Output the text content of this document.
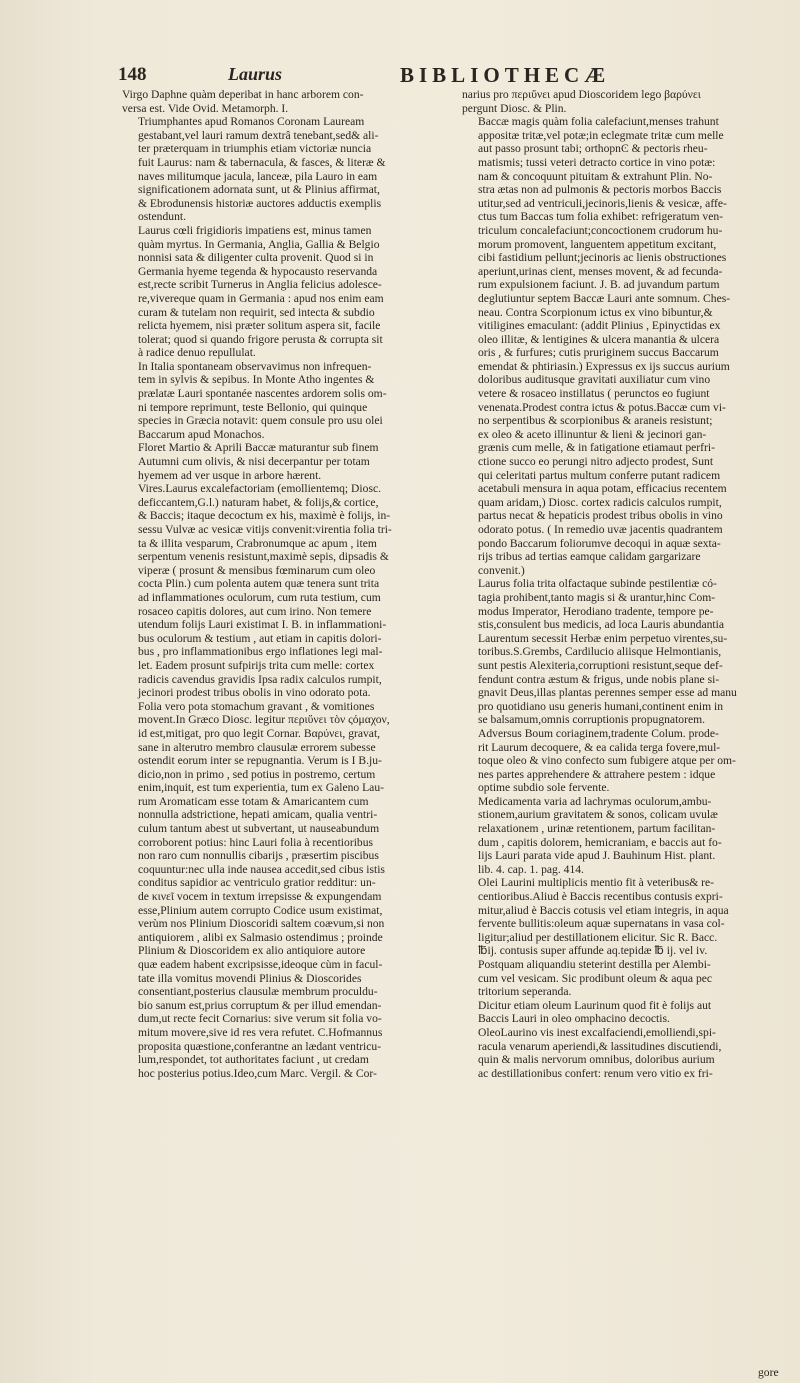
148	Laurus	BIBLIOTHECÆ

Virgo Daphne quàm deperibat in hanc arborem con-
versa est. Vide Ovid. Metamorph. I.

Triumphantes apud Romanos Coronam Lauream
gestabant,vel lauri ramum dextrâ tenebant,sed& ali-
ter præterquam in triumphis etiam victoriæ nuncia
fuit Laurus: nam & tabernacula, & fasces, & literæ &
naves militumque jacula, lanceæ, pila Lauro in eam
significationem adornata sunt, ut & Plinius affirmat,
& Ebrodunensis historiæ auctores adductis exemplis
ostendunt.

Laurus cœli frigidioris impatiens est, minus tamen
quàm myrtus. In Germania, Anglia, Gallia & Belgio
nonnisi sata & diligenter culta provenit. Quod si in
Germania hyeme tegenda & hypocausto reservanda
est,recte scribit Turnerus in Anglia felicius adolesce-
re,vivereque quam in Germania : apud nos enim eam
curam & tutelam non requirit, sed intecta & subdio
relicta hyemem, nisi præter solitum aspera sit, facile
tolerat; quod si quando frigore perusta & corrupta sit
à radice denuo repullulat.

In Italia spontaneam observavimus non infrequen-
tem in sylvis & sepibus. In Monte Atho ingentes &
prælatæ Lauri spontanée nascentes ardorem solis om-
ni tempore reprimunt, teste Bellonio, qui quinque
species in Græcia notavit: quem consule pro usu olei
Baccarum apud Monachos.

Floret Martio & Aprili Baccæ maturantur sub finem
Autumni cum olivis, & nisi decerpantur per totam
hyemem ad ver usque in arbore hærent.

Vires.Laurus excalefactoriam (emollientemq; Diosc.
deficcantem,G.l.) naturam habet, & folijs,& cortice,
& Baccis; itaque decoctum ex his, maximè è folijs, in-
sessu Vulvæ ac vesicæ vitijs convenit:virentia folia tri-
ta & illita vesparum, Crabronumque ac apum , item
serpentum venenis resistunt,maximè sepis, dipsadis &
viperæ ( prosunt & mensibus fœminarum cum oleo
cocta Plin.) cum polenta autem quæ tenera sunt trita
ad inflammationes oculorum, cum ruta testium, cum
rosaceo capitis dolores, aut cum irino. Non temere
utendum folijs Lauri existimat I. B. in inflammationi-
bus oculorum & testium , aut etiam in capitis dolori-
bus , pro inflammationibus ergo inflationes legi mal-
let. Eadem prosunt sufpirijs trita cum melle: cortex
radicis cavendus gravidis Ipsa radix calculos rumpit,
jecinori prodest tribus obolis in vino odorato pota.
Folia vero pota stomachum gravant , & vomitiones
movent.In Græco Diosc. legitur περιὕνει τὸν ςόμαχον,
id est,mitigat, pro quo legit Cornar. Βαρύνει, gravat,
sane in alterutro membro clausulæ errorem subesse
ostendit eorum inter se repugnantia. Verum is I B.ju-
dicio,non in primo , sed potius in postremo, certum
enim,inquit, est tum experientia, tum ex Galeno Lau-
rum Aromaticam esse totam & Amaricantem cum
nonnulla adstrictione, hepati amicam, qualia ventri-
culum tantum abest ut subvertant, ut nauseabundum
corroborent potius: hinc Lauri folia à recentioribus
non raro cum nonnullis cibarijs , præsertim piscibus
coquuntur:nec ulla inde nausea accedit,sed cibus istis
conditus sapidior ac ventriculo gratior redditur: un-
de κινεῖ vocem in textum irrepsisse & expungendam
esse,Plinium autem corrupto Codice usum existimat,
verùm nos Plinium Dioscoridi saltem coævum,si non
antiquiorem , alibi ex Salmasio ostendimus ; proinde
Plinium & Dioscoridem ex alio antiquiore autore
quæ eadem habent excripsisse,ideoque cùm in facul-
tate illa vomitus movendi Plinius & Dioscorides
consentiant,posterius clausulæ membrum proculdu-
bio sanum est,prius corruptum & per illud emendan-
dum,ut recte fecit Cornarius: sive verum sit folia vo-
mitum movere,sive id res vera refutet. C.Hofmannus
proposita quæstione,conferantne an lædant ventricu-
lum,respondet, tot authoritates faciunt , ut credam
hoc posterius potius.Ideo,cum Marc. Vergil. & Cor-

narius pro περιὕνει apud Dioscoridem lego βαρύνει
pergunt Diosc. & Plin.

Baccæ magis quàm folia calefaciunt,menses trahunt
appositæ tritæ,vel potæ;in eclegmate tritæ cum melle
aut passo prosunt tabi; orthopnϾ & pectoris rheu-
matismis; tussi veteri detracto cortice in vino potæ:
nam & concoquunt pituitam & extrahunt Plin. No-
stra ætas non ad pulmonis & pectoris morbos Baccis
utitur,sed ad ventriculi,jecinoris,lienis & vesicæ, affe-
ctus tum Baccas tum folia exhibet: refrigeratum ven-
triculum concalefaciunt;concoctionem crudorum hu-
morum promovent, languentem appetitum excitant,
cibi fastidium pellunt;jecinoris ac lienis obstructiones
aperiunt,urinas cient, menses movent, & ad fecunda-
rum expulsionem faciunt. J. B. ad juvandum partum
deglutiuntur septem Baccæ Lauri ante somnum. Ches-
neau. Contra Scorpionum ictus ex vino bibuntur,&
vitiligines emaculant: (addit Plinius , Epinyctidas ex
oleo illitæ, & lentigines & ulcera manantia & ulcera
oris , & furfures; cutis pruriginem succus Baccarum
emendat & phtiriasin.) Expressus ex ijs succus aurium
doloribus auditusque gravitati auxiliatur cum vino
vetere & rosaceo instillatus ( perunctos eo fugiunt
venenata.Prodest contra ictus & potus.Baccæ cum vi-
no serpentibus & scorpionibus & araneis resistunt;
ex oleo & aceto illinuntur & lieni & jecinori gan-
grænis cum melle, & in fatigatione etiamaut perfri-
ctione succo eo perungi nitro adjecto prodest, Sunt
qui celeritati partus multum conferre putant radicem
acetabuli mensura in aqua potam, efficacius recentem
quam aridam,) Diosc. cortex radicis calculos rumpit,
partus necat & hepaticis prodest tribus obolis in vino
odorato potus. ( In remedio uvæ jacentis quadrantem
pondo Baccarum foliorumve decoqui in aquæ sexta-
rijs tribus ad tertias eamque calidam gargarizare
convenit.)

Laurus folia trita olfactaque subinde pestilentiæ có-
tagia prohibent,tanto magis si & urantur,hinc Com-
modus Imperator, Herodiano tradente, tempore pe-
stis,consulent bus medicis, ad loca Lauris abundantia
Laurentum secessit Herbæ enim perpetuo virentes,su-
toribus.S.Grembs, Cardilucio aliisque Helmontianis,
sunt pestis Alexiteria,corruptioni resistunt,seque def-
fendunt contra æstum & frigus, unde nobis plane si-
gnavit Deus,illas plantas perennes semper esse ad manu
pro quotidiano usu generis humani,continent enim in
se balsamum,omnis corruptionis propugnatorem.

Adversus Boum coriaginem,tradente Colum. prode-
rit Laurum decoquere, & ea calida terga fovere,mul-
toque oleo & vino confecto sum fubigere atque per om-
nes partes apprehendere & attrahere pestem : idque
optime subdio sole fervente.

Medicamenta varia ad lachrymas oculorum,ambu-
stionem,aurium gravitatem & sonos, colicam uvulæ
relaxationem , urinæ retentionem, partum facilitan-
dum , capitis dolorem, hemicraniam, e baccis aut fo-
lijs Lauri parata vide apud J. Bauhinum Hist. plant.
lib. 4. cap. 1. pag. 414.

Olei Laurini multiplicis mentio fit à veteribus& re-
centioribus.Aliud è Baccis recentibus contusis expri-
mitur,aliud è Baccis cotusis vel etiam integris, in aqua
fervente bullitis:oleum aquæ supernatans in vasa col-
ligitur;aliud per destillationem elicitur. Sic R. Bacc.
℔ij. contusis super affunde aq.tepidæ ℔ ij. vel iv.

Postquam aliquandiu steterint destilla per Alembi-
cum vel vesicam. Sic prodibunt oleum & aqua pec
tritorium seperanda.

Dicitur etiam oleum Laurinum quod fit è folijs aut
Baccis Lauri in oleo omphacino decoctis.

OleoLaurino vis inest excalfaciendi,emolliendi,spi-
racula venarum aperiendi,& lassitudines discutiendi,
quin & malis nervorum omnibus, doloribus aurium
ac destillationibus confert: renum vero vitio ex fri-

gore
